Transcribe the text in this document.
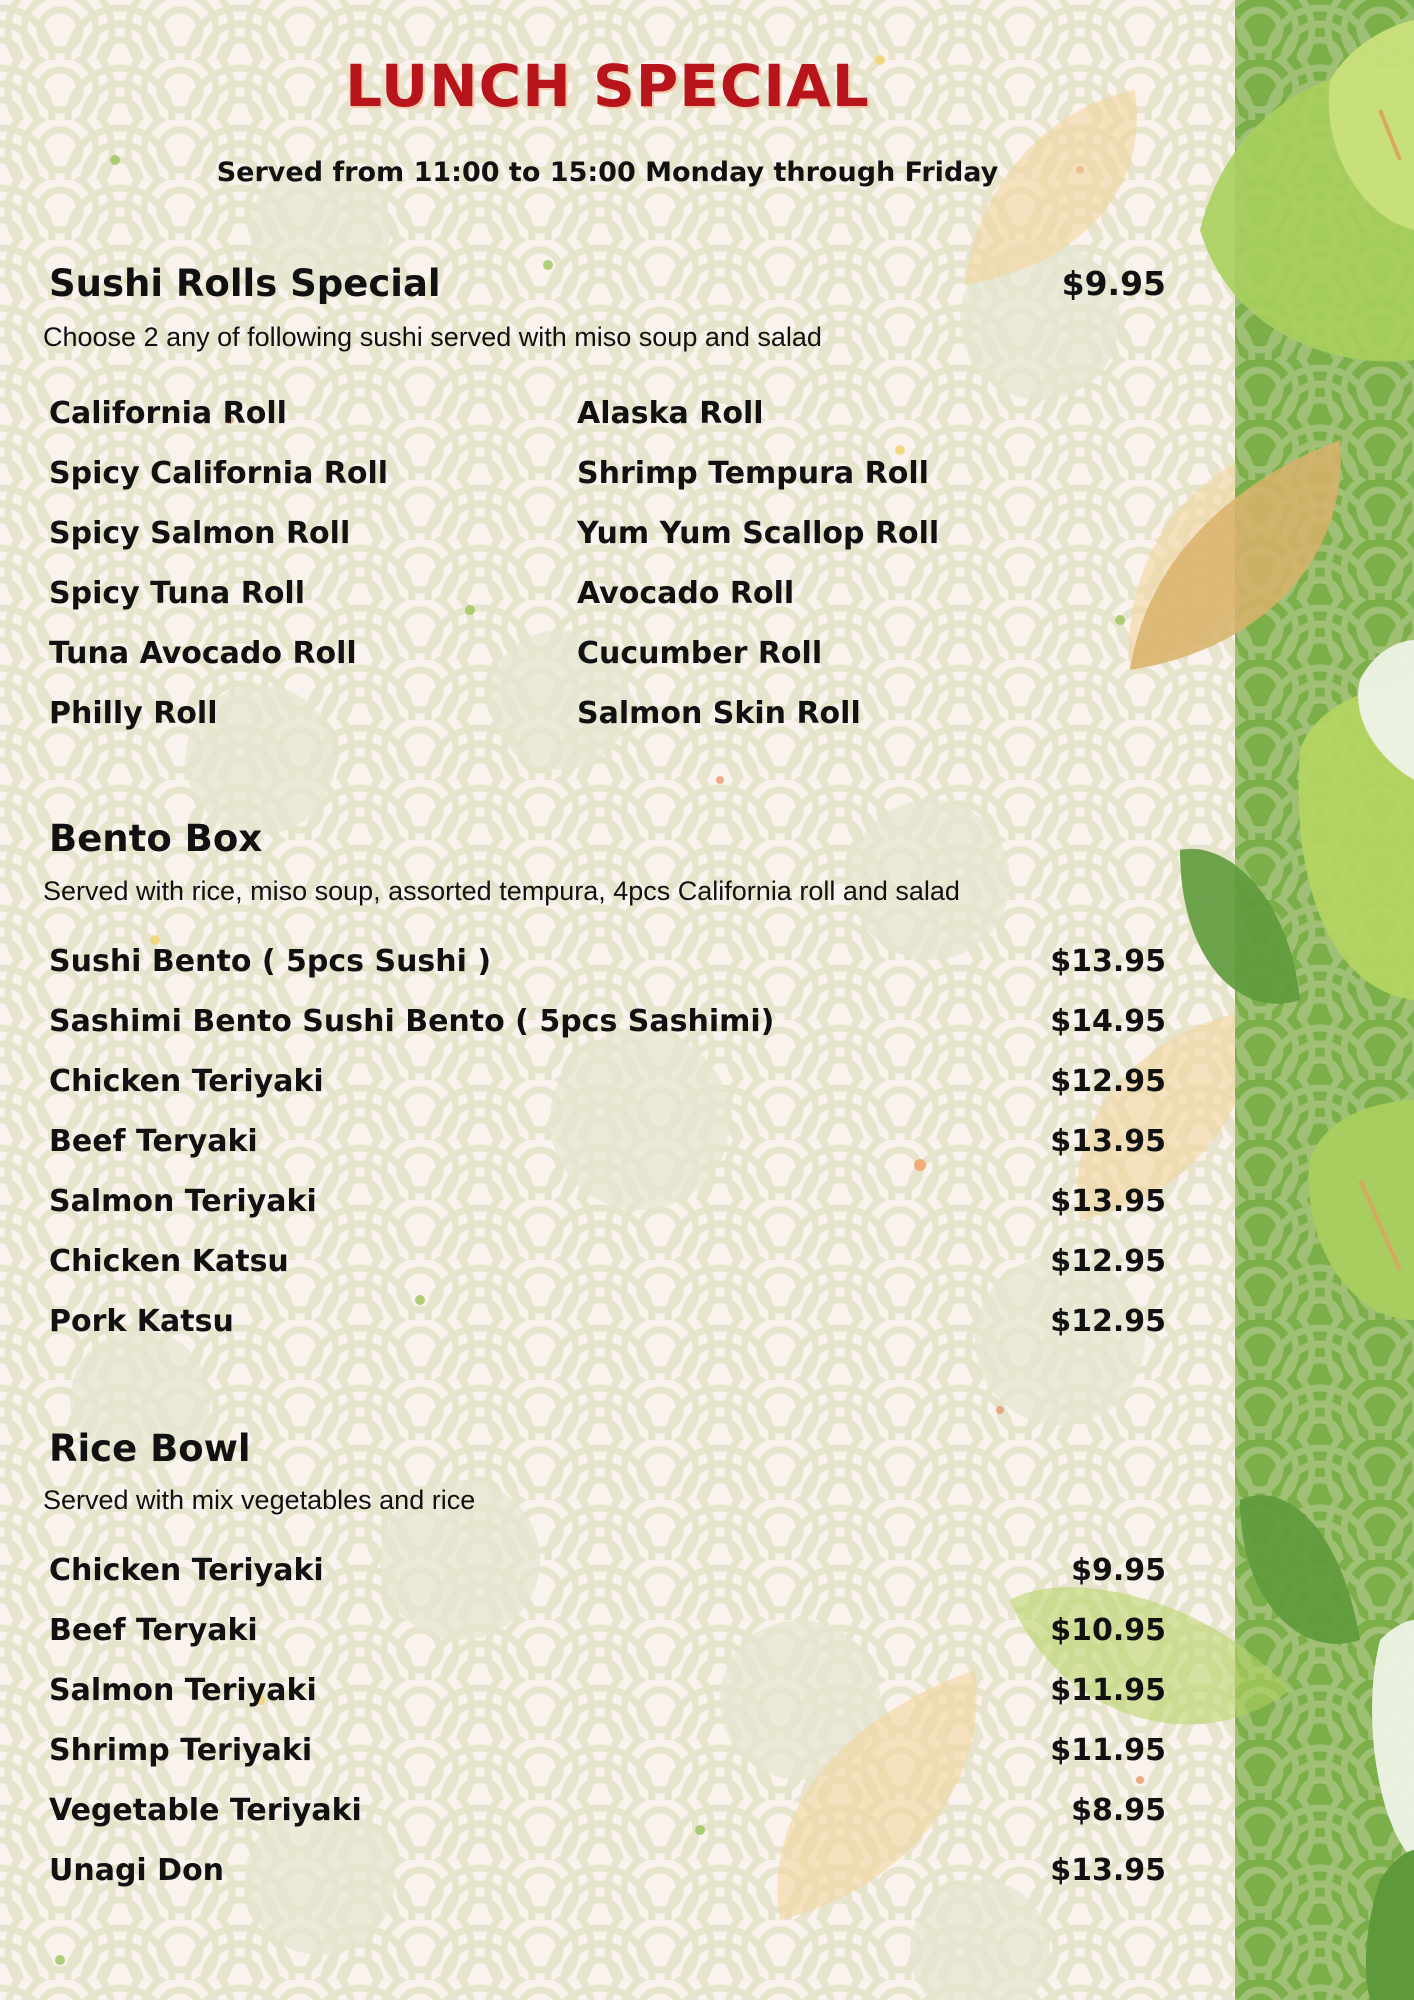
LUNCH SPECIAL
Served from 11:00 to 15:00 Monday through Friday
Sushi Rolls Special	$9.95
Choose 2 any of following sushi served with miso soup and salad
California Roll
Spicy California Roll
Spicy Salmon Roll
Spicy Tuna Roll
Tuna Avocado Roll
Philly Roll
Alaska Roll
Shrimp Tempura Roll
Yum Yum Scallop Roll
Avocado Roll
Cucumber Roll
Salmon Skin Roll
Bento Box
Served with rice, miso soup, assorted tempura, 4pcs California roll and salad
Sushi Bento ( 5pcs Sushi )	$13.95
Sashimi Bento Sushi Bento ( 5pcs Sashimi)	$14.95
Chicken Teriyaki	$12.95
Beef Teryaki	$13.95
Salmon Teriyaki	$13.95
Chicken Katsu	$12.95
Pork Katsu	$12.95
Rice Bowl
Served with mix vegetables and rice
Chicken Teriyaki	$9.95
Beef Teryaki	$10.95
Salmon Teriyaki	$11.95
Shrimp Teriyaki	$11.95
Vegetable Teriyaki	$8.95
Unagi Don	$13.95
